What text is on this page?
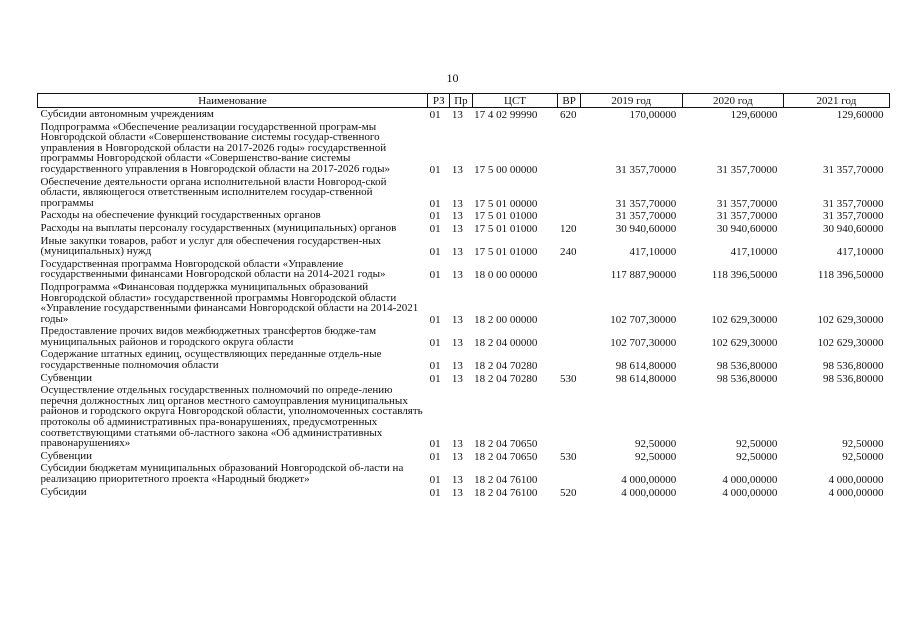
10
Наименование	РЗ	Пр	ЦСТ	ВР	2019 год	2020 год	2021 год
Субсидии автономным учреждениям	01	13	17 4 02 99990	620	170,00000	129,60000	129,60000
Подпрограмма «Обеспечение реализации государственной програм-мы Новгородской области «Совершенствование системы государ-ственного управления в Новгородской области на 2017-2026 годы» государственной программы Новгородской области «Совершенство-вание системы государственного управления в Новгородской области на 2017-2026 годы»	01	13	17 5 00 00000		31 357,70000	31 357,70000	31 357,70000
Обеспечение деятельности органа исполнительной власти Новгород-ской области, являющегося ответственным исполнителем государ-ственной программы	01	13	17 5 01 00000		31 357,70000	31 357,70000	31 357,70000
Расходы на обеспечение функций государственных органов	01	13	17 5 01 01000		31 357,70000	31 357,70000	31 357,70000
Расходы на выплаты персоналу государственных (муниципальных) органов	01	13	17 5 01 01000	120	30 940,60000	30 940,60000	30 940,60000
Иные закупки товаров, работ и услуг для обеспечения государствен-ных (муниципальных) нужд	01	13	17 5 01 01000	240	417,10000	417,10000	417,10000
Государственная программа Новгородской области «Управление государственными финансами Новгородской области на 2014-2021 годы»	01	13	18 0 00 00000		117 887,90000	118 396,50000	118 396,50000
Подпрограмма «Финансовая поддержка муниципальных образований Новгородской области» государственной программы Новгородской области «Управление государственными финансами Новгородской области на 2014-2021 годы»	01	13	18 2 00 00000		102 707,30000	102 629,30000	102 629,30000
Предоставление прочих видов межбюджетных трансфертов бюдже-там муниципальных районов и городского округа области	01	13	18 2 04 00000		102 707,30000	102 629,30000	102 629,30000
Содержание штатных единиц, осуществляющих переданные отдель-ные государственные полномочия области	01	13	18 2 04 70280		98 614,80000	98 536,80000	98 536,80000
Субвенции	01	13	18 2 04 70280	530	98 614,80000	98 536,80000	98 536,80000
Осуществление отдельных государственных полномочий по опреде-лению перечня должностных лиц органов местного самоуправления муниципальных районов и городского округа Новгородской области, уполномоченных составлять протоколы об административных пра-вонарушениях, предусмотренных соответствующими статьями об-ластного закона «Об административных правонарушениях»	01	13	18 2 04 70650		92,50000	92,50000	92,50000
Субвенции	01	13	18 2 04 70650	530	92,50000	92,50000	92,50000
Субсидии бюджетам муниципальных образований Новгородской об-ласти на реализацию приоритетного проекта «Народный бюджет»	01	13	18 2 04 76100		4 000,00000	4 000,00000	4 000,00000
Субсидии	01	13	18 2 04 76100	520	4 000,00000	4 000,00000	4 000,00000
